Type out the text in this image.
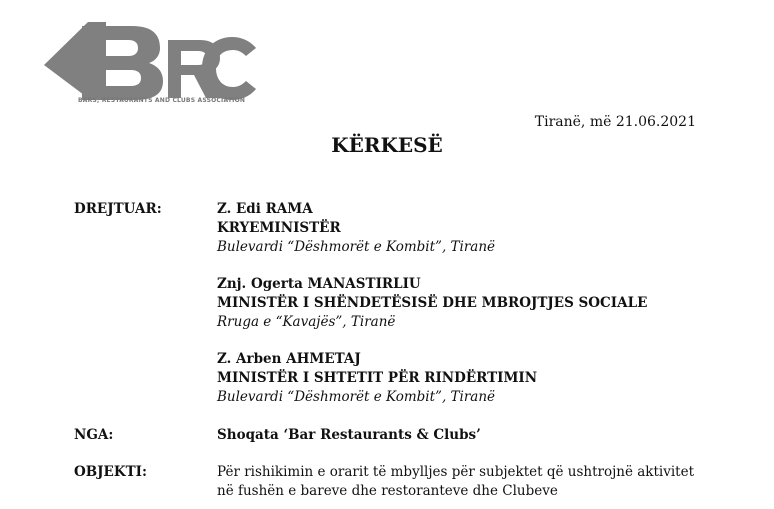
BARS, RESTAURANTS AND CLUBS ASSOCIATION
Tiranë, më 21.06.2021
KËRKESË
DREJTUAR:	Z. Edi RAMA
KRYEMINISTËR
Bulevardi “Dëshmorët e Kombit”, Tiranë
Znj. Ogerta MANASTIRLIU
MINISTËR I SHËNDETËSISË DHE MBROJTJES SOCIALE
Rruga e “Kavajës”, Tiranë
Z. Arben AHMETAJ
MINISTËR I SHTETIT PËR RINDËRTIMIN
Bulevardi “Dëshmorët e Kombit”, Tiranë
NGA:	Shoqata ‘Bar Restaurants & Clubs’
OBJEKTI:	Për rishikimin e orarit të mbylljes për subjektet që ushtrojnë aktivitet
në fushën e bareve dhe restoranteve dhe Clubeve
